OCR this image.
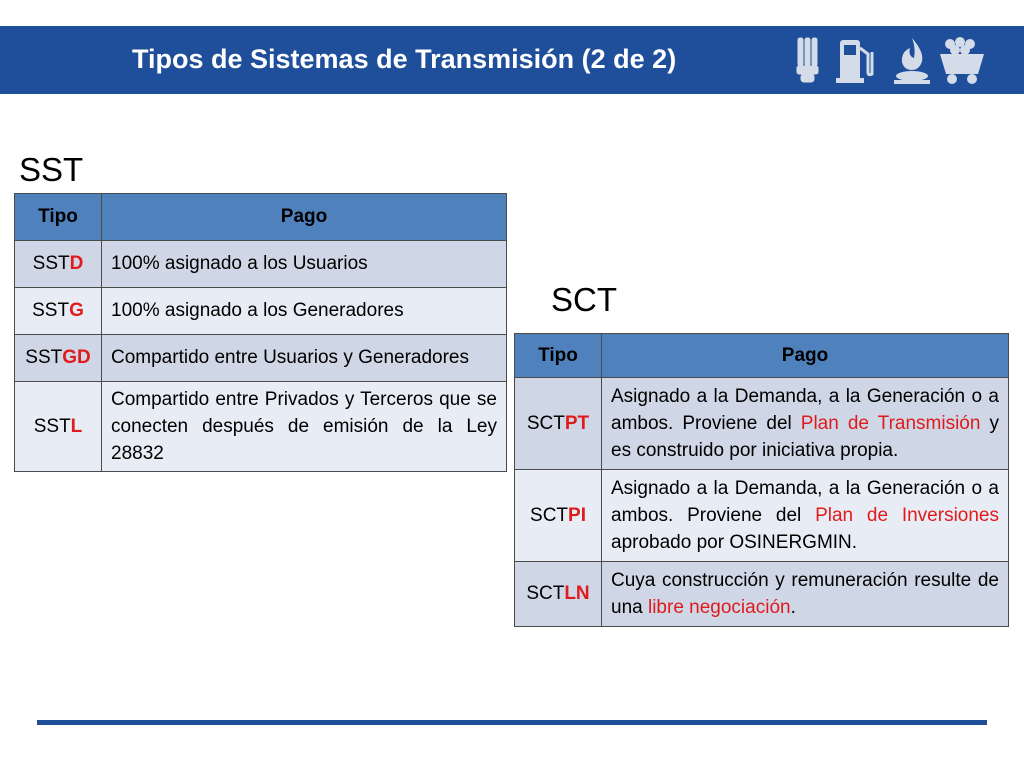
Tipos de Sistemas de Transmisión (2 de 2)
SST
Tipo	Pago
SSTD	100% asignado a los Usuarios
SSTG	100% asignado a los Generadores
SSTGD	Compartido entre Usuarios y Generadores
SSTL	Compartido entre Privados y Terceros que se conecten después de emisión de la Ley 28832
SCT
Tipo	Pago
SCTPT	Asignado a la Demanda, a la Generación o a ambos. Proviene del Plan de Transmisión y es construido por iniciativa propia.
SCTPI	Asignado a la Demanda, a la Generación o a ambos. Proviene del Plan de Inversiones aprobado por OSINERGMIN.
SCTLN	Cuya construcción y remuneración resulte de una libre negociación.
